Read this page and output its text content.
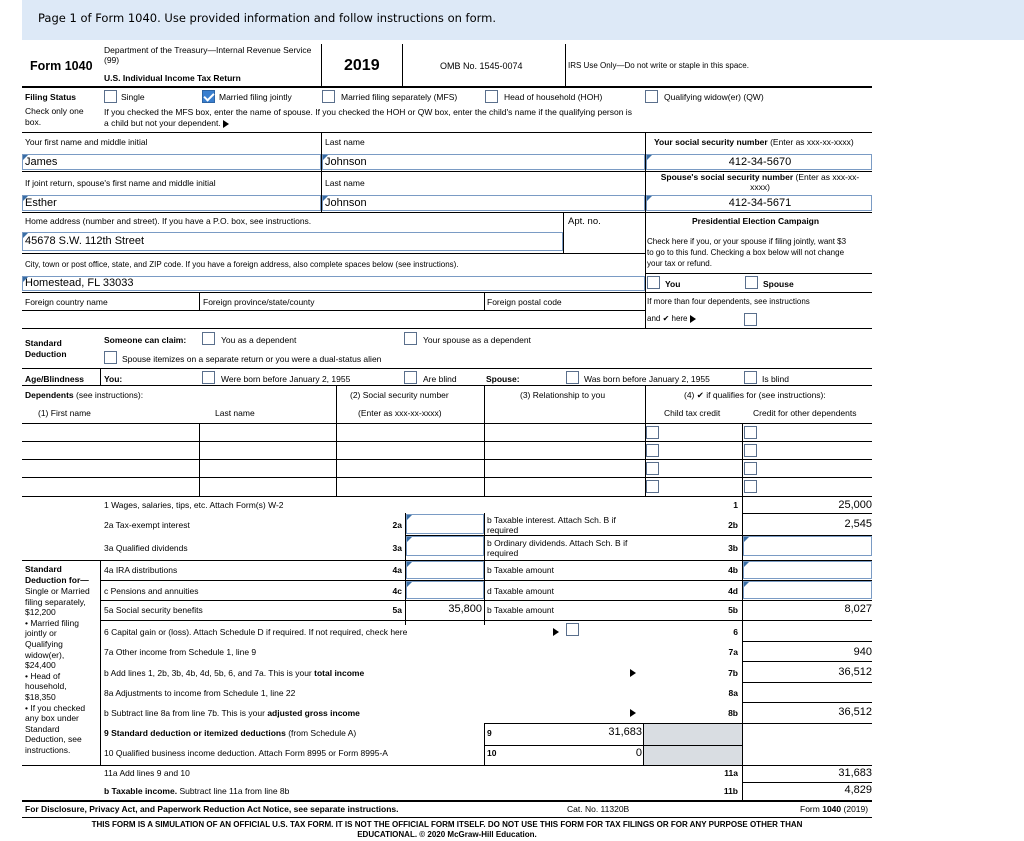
Page 1 of Form 1040. Use provided information and follow instructions on form.
Form 1040
Department of the Treasury—Internal Revenue Service (99)
U.S. Individual Income Tax Return
2019	OMB No. 1545-0074	IRS Use Only—Do not write or staple in this space.
Filing Status
Check only one box.
Single	Married filing jointly	Married filing separately (MFS)	Head of household (HOH)	Qualifying widow(er) (QW)
If you checked the MFS box, enter the name of spouse. If you checked the HOH or QW box, enter the child's name if the qualifying person is
a child but not your dependent.
Your first name and middle initial	Last name	Your social security number (Enter as xxx-xx-xxxx)
James	Johnson	412-34-5670
If joint return, spouse's first name and middle initial	Last name
Spouse's social security number (Enter as xxx-xx-xxxx)
Esther	Johnson	412-34-5671
Home address (number and street). If you have a P.O. box, see instructions.	Apt. no.
45678 S.W. 112th Street
Presidential Election Campaign
Check here if you, or your spouse if filing jointly, want $3
to go to this fund. Checking a box below will not change
your tax or refund.
City, town or post office, state, and ZIP code. If you have a foreign address, also complete spaces below (see instructions).
Homestead, FL 33033	You	Spouse
Foreign country name	Foreign province/state/county	Foreign postal code	If more than four dependents, see instructions
and ✔ here
Standard
Deduction
Someone can claim:	You as a dependent	Your spouse as a dependent
Spouse itemizes on a separate return or you were a dual-status alien
Age/Blindness You:	Were born before January 2, 1955	Are blind	Spouse:	Was born before January 2, 1955	Is blind
Dependents (see instructions):
(1) First name	Last name
(2) Social security number
(Enter as xxx-xx-xxxx)
(3) Relationship to you	(4) ✔ if qualifies for (see instructions):
Child tax credit	Credit for other dependents
Standard
Deduction for—
Single or Married
filing separately,
$12,200
• Married filing
jointly or
Qualifying
widow(er),
$24,400
• Head of
household,
$18,350
• If you checked
any box under
Standard
Deduction, see
instructions.
1 Wages, salaries, tips, etc. Attach Form(s) W-2	1	25,000
2a Tax-exempt interest	2a	b Taxable interest. Attach Sch. B if required	2b	2,545
3a Qualified dividends	3a	b Ordinary dividends. Attach Sch. B if required	3b
4a IRA distributions	4a	b Taxable amount	4b
c Pensions and annuities	4c	d Taxable amount	4d
5a Social security benefits	5a	35,800 b Taxable amount	5b	8,027
6 Capital gain or (loss). Attach Schedule D if required. If not required, check here	6
7a Other income from Schedule 1, line 9	7a	940
b Add lines 1, 2b, 3b, 4b, 4d, 5b, 6, and 7a. This is your total income	7b	36,512
8a Adjustments to income from Schedule 1, line 22	8a
b Subtract line 8a from line 7b. This is your adjusted gross income	8b	36,512
9 Standard deduction or itemized deductions (from Schedule A)	9	31,683
10 Qualified business income deduction. Attach Form 8995 or Form 8995-A	10	0
11a Add lines 9 and 10	11a	31,683
b Taxable income. Subtract line 11a from line 8b	11b	4,829
For Disclosure, Privacy Act, and Paperwork Reduction Act Notice, see separate instructions.	Cat. No. 11320B	Form 1040 (2019)
THIS FORM IS A SIMULATION OF AN OFFICIAL U.S. TAX FORM. IT IS NOT THE OFFICIAL FORM ITSELF. DO NOT USE THIS FORM FOR TAX FILINGS OR FOR ANY PURPOSE OTHER THAN
EDUCATIONAL. © 2020 McGraw-Hill Education.
